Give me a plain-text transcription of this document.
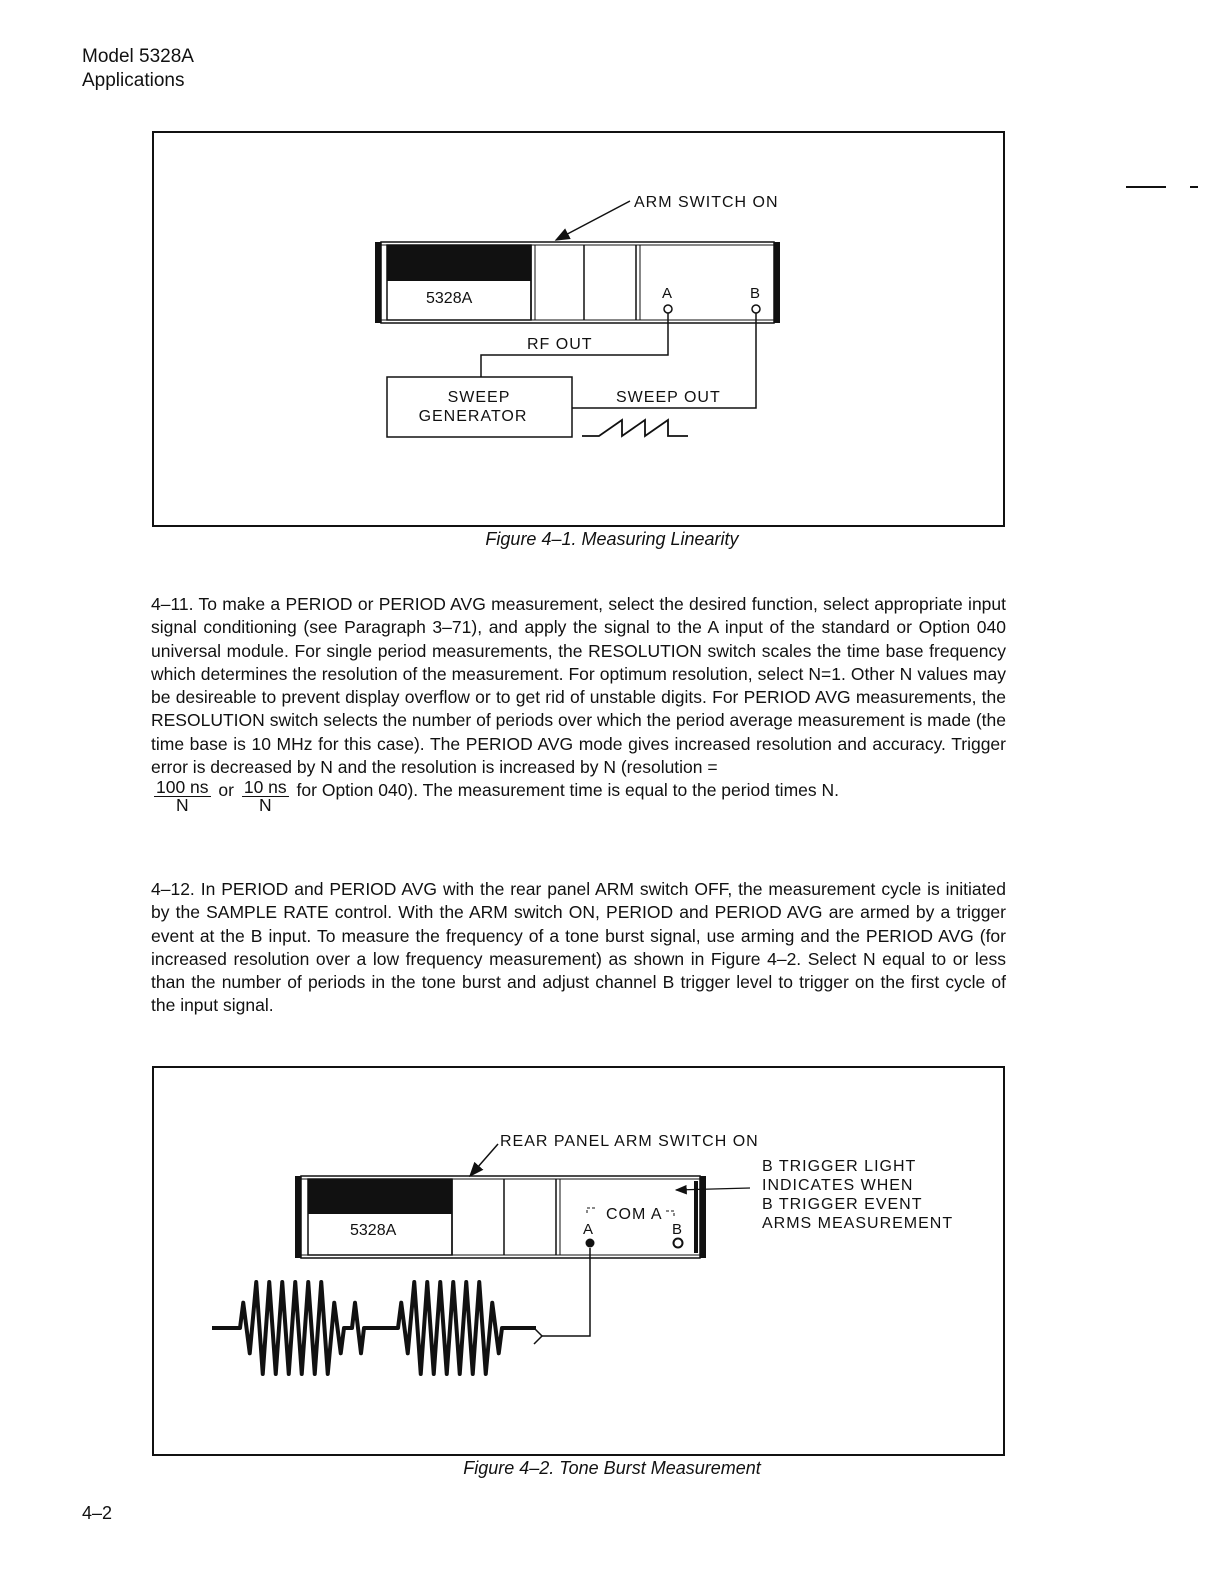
Model 5328A
Applications
ARM SWITCH ON
5328A	A	B
RF OUT
SWEEP
GENERATOR
SWEEP OUT
Figure 4–1. Measuring Linearity

4–11. To make a PERIOD or PERIOD AVG measurement, select the desired function, select appropriate input signal conditioning (see Paragraph 3–71), and apply the signal to the A input of the standard or Option 040 universal module. For single period measurements, the RESOLUTION switch scales the time base frequency which determines the resolution of the measurement. For optimum resolution, select N=1. Other N values may be desireable to prevent display overflow or to get rid of unstable digits. For PERIOD AVG measurements, the RESOLUTION switch selects the number of periods over which the period average measurement is made (the time base is 10 MHz for this case). The PERIOD AVG mode gives increased resolution and accuracy. Trigger error is decreased by N and the resolution is increased by N (resolution =

$\frac{100 ns}{N}$ or $\frac{10 ns}{N}$ for Option 040). The measurement time is equal to the period times N.

4–12. In PERIOD and PERIOD AVG with the rear panel ARM switch OFF, the measurement cycle is initiated by the SAMPLE RATE control. With the ARM switch ON, PERIOD and PERIOD AVG are armed by a trigger event at the B input. To measure the frequency of a tone burst signal, use arming and the PERIOD AVG (for increased resolution over a low frequency measurement) as shown in Figure 4–2. Select N equal to or less than the number of periods in the tone burst and adjust channel B trigger level to trigger on the first cycle of the input signal.

REAR PANEL ARM SWITCH ON
5328A
COM A
A	B
B TRIGGER LIGHT
INDICATES WHEN
B TRIGGER EVENT
ARMS MEASUREMENT
Figure 4–2. Tone Burst Measurement
4–2
